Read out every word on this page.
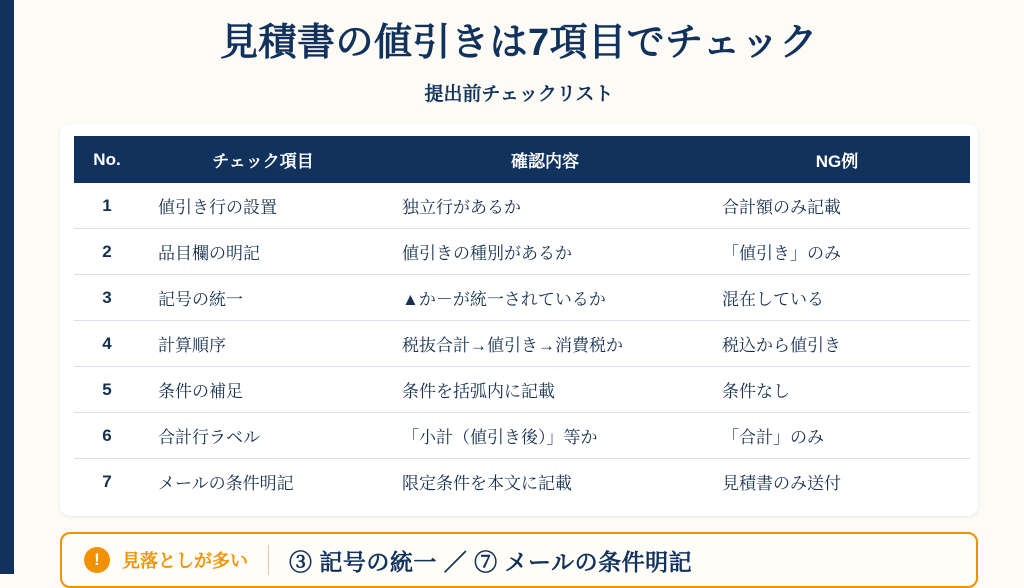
見積書の値引きは7項目でチェック
提出前チェックリスト
No.	チェック項目	確認内容	NG例
1	値引き行の設置	独立行があるか	合計額のみ記載
2	品目欄の明記	値引きの種別があるか	「値引き」のみ
3	記号の統一	▲か－が統一されているか	混在している
4	計算順序	税抜合計→値引き→消費税か	税込から値引き
5	条件の補足	条件を括弧内に記載	条件なし
6	合計行ラベル	「小計（値引き後）」等か	「合計」のみ
7	メールの条件明記	限定条件を本文に記載	見積書のみ送付
!	見落としが多い ③ 記号の統一 ／ ⑦ メールの条件明記
